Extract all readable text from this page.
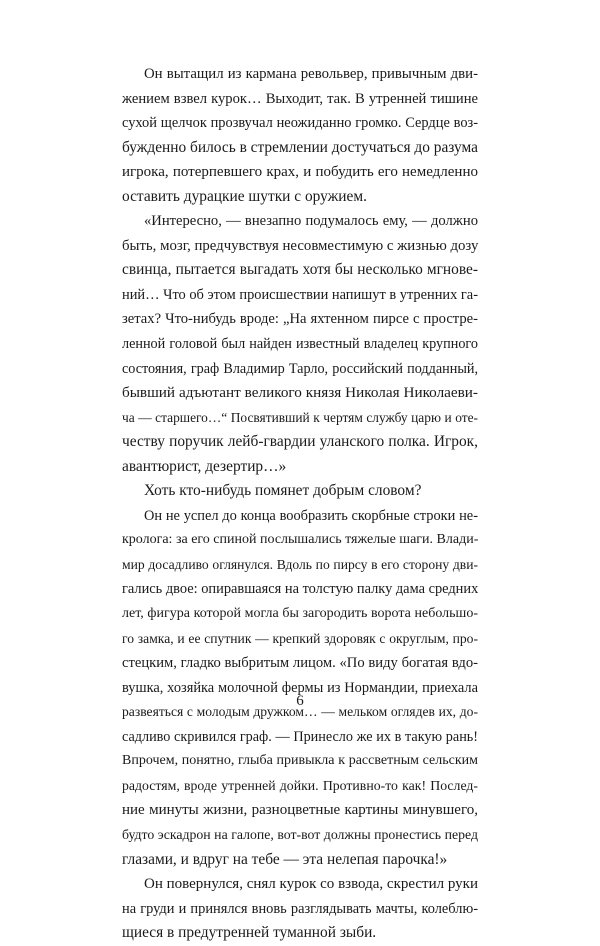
Он вытащил из кармана револьвер, привычным дви-
жением взвел курок… Выходит, так. В утренней тишине
сухой щелчок прозвучал неожиданно громко. Сердце воз-
бужденно билось в стремлении достучаться до разума
игрока, потерпевшего крах, и побудить его немедленно
оставить дурацкие шутки с оружием.
«Интересно, — внезапно подумалось ему, — должно
быть, мозг, предчувствуя несовместимую с жизнью дозу
свинца, пытается выгадать хотя бы несколько мгнове-
ний… Что об этом происшествии напишут в утренних га-
зетах? Что-нибудь вроде: „На яхтенном пирсе с простре-
ленной головой был найден известный владелец крупного
состояния, граф Владимир Тарло, российский подданный,
бывший адъютант великого князя Николая Николаеви-
ча — старшего…“ Посвятивший к чертям службу царю и оте-
честву поручик лейб-гвардии уланского полка. Игрок,
авантюрист, дезертир…»
Хоть кто-нибудь помянет добрым словом?
Он не успел до конца вообразить скорбные строки не-
кролога: за его спиной послышались тяжелые шаги. Влади-
мир досадливо оглянулся. Вдоль по пирсу в его сторону дви-
гались двое: опиравшаяся на толстую палку дама средних
лет, фигура которой могла бы загородить ворота небольшо-
го замка, и ее спутник — крепкий здоровяк с округлым, про-
стецким, гладко выбритым лицом. «По виду богатая вдо-
вушка, хозяйка молочной фермы из Нормандии, приехала
развеяться с молодым дружком… — мельком оглядев их, до-
садливо скривился граф. — Принесло же их в такую рань!
Впрочем, понятно, глыба привыкла к рассветным сельским
радостям, вроде утренней дойки. Противно-то как! Послед-
ние минуты жизни, разноцветные картины минувшего,
будто эскадрон на галопе, вот-вот должны пронестись перед
глазами, и вдруг на тебе — эта нелепая парочка!»
Он повернулся, снял курок со взвода, скрестил руки
на груди и принялся вновь разглядывать мачты, колеблю-
щиеся в предутренней туманной зыби.
6
